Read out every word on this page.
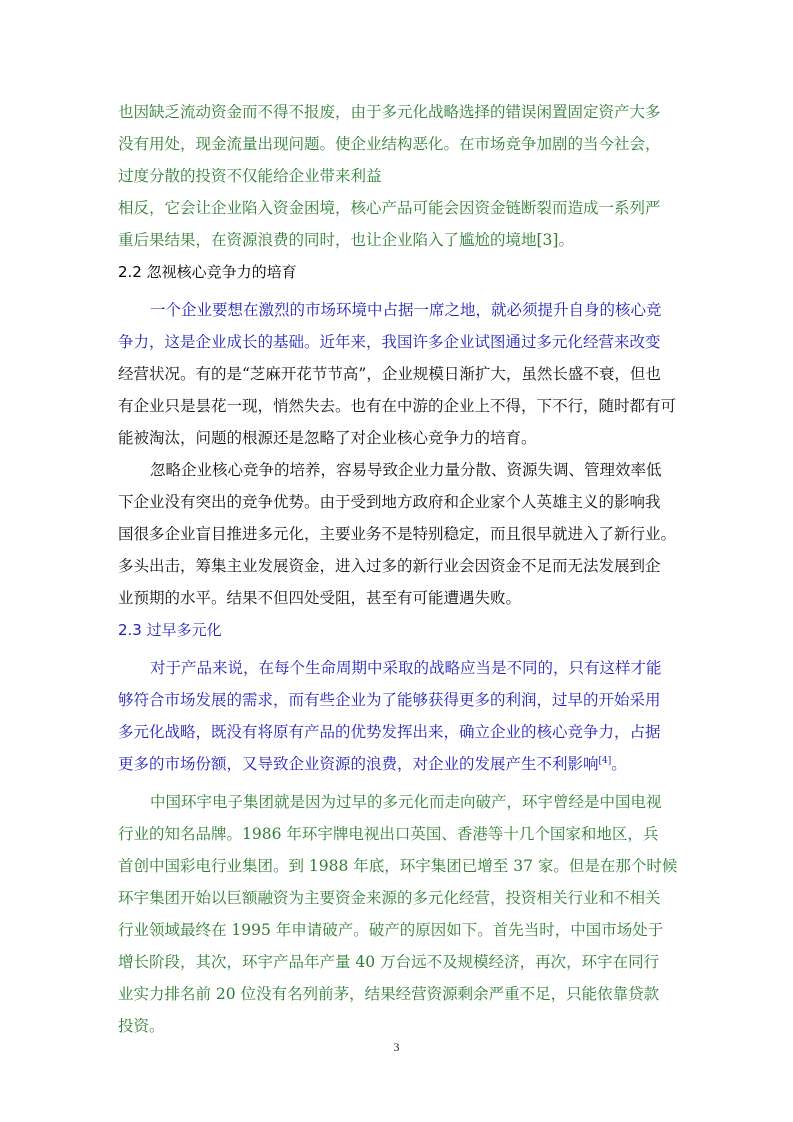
也因缺乏流动资金而不得不报废，由于多元化战略选择的错误闲置固定资产大多
没有用处，现金流量出现问题。使企业结构恶化。在市场竞争加剧的当今社会，
过度分散的投资不仅能给企业带来利益
相反，它会让企业陷入资金困境，核心产品可能会因资金链断裂而造成一系列严
重后果结果，在资源浪费的同时，也让企业陷入了尴尬的境地[3]。
2.2 忽视核心竞争力的培育
一个企业要想在激烈的市场环境中占据一席之地，就必须提升自身的核心竞
争力，这是企业成长的基础。近年来，我国许多企业试图通过多元化经营来改变
经营状况。有的是“芝麻开花节节高”，企业规模日渐扩大，虽然长盛不衰，但也
有企业只是昙花一现，悄然失去。也有在中游的企业上不得，下不行，随时都有可
能被淘汰，问题的根源还是忽略了对企业核心竞争力的培育。
忽略企业核心竞争的培养，容易导致企业力量分散、资源失调、管理效率低
下企业没有突出的竞争优势。由于受到地方政府和企业家个人英雄主义的影响我
国很多企业盲目推进多元化，主要业务不是特别稳定，而且很早就进入了新行业。
多头出击，筹集主业发展资金，进入过多的新行业会因资金不足而无法发展到企
业预期的水平。结果不但四处受阻，甚至有可能遭遇失败。
2.3 过早多元化
对于产品来说，在每个生命周期中采取的战略应当是不同的，只有这样才能
够符合市场发展的需求，而有些企业为了能够获得更多的利润，过早的开始采用
多元化战略，既没有将原有产品的优势发挥出来，确立企业的核心竞争力，占据
更多的市场份额，又导致企业资源的浪费，对企业的发展产生不利影响[4]。
中国环宇电子集团就是因为过早的多元化而走向破产，环宇曾经是中国电视
行业的知名品牌。1986 年环宇牌电视出口英国、香港等十几个国家和地区，兵
首创中国彩电行业集团。到 1988 年底，环宇集团已增至 37 家。但是在那个时候
环宇集团开始以巨额融资为主要资金来源的多元化经营，投资相关行业和不相关
行业领域最终在 1995 年申请破产。破产的原因如下。首先当时，中国市场处于
增长阶段，其次，环宇产品年产量 40 万台远不及规模经济，再次，环宇在同行
业实力排名前 20 位没有名列前茅，结果经营资源剩余严重不足，只能依靠贷款
投资。
3
